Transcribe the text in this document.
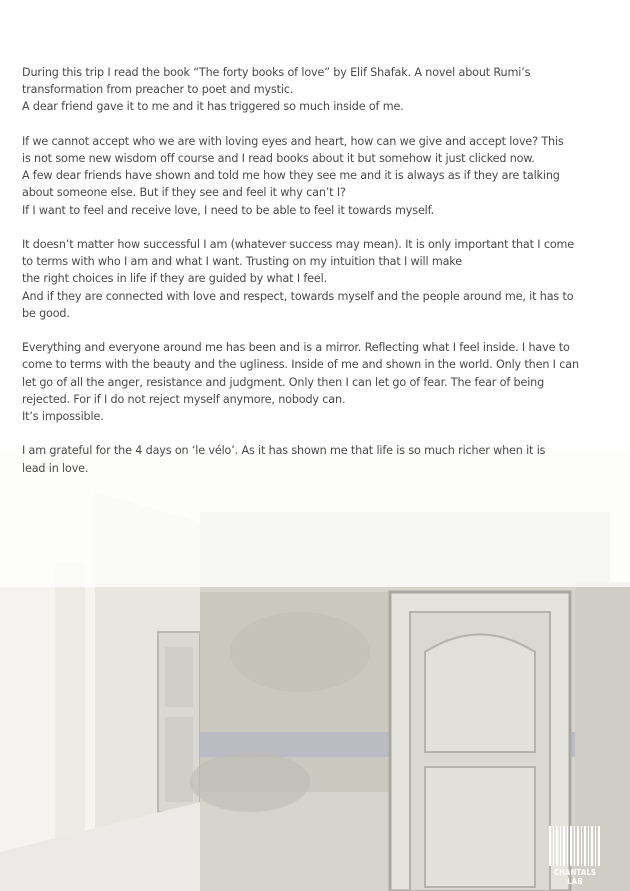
During this trip I read the book “The forty books of love” by Elif Shafak. A novel about Rumi’s
transformation from preacher to poet and mystic.
A dear friend gave it to me and it has triggered so much inside of me.

If we cannot accept who we are with loving eyes and heart, how can we give and accept love? This
is not some new wisdom off course and I read books about it but somehow it just clicked now.
A few dear friends have shown and told me how they see me and it is always as if they are talking
about someone else. But if they see and feel it why can’t I?
If I want to feel and receive love, I need to be able to feel it towards myself.

It doesn’t matter how successful I am (whatever success may mean). It is only important that I come
to terms with who I am and what I want. Trusting on my intuition that I will make
the right choices in life if they are guided by what I feel.
And if they are connected with love and respect, towards myself and the people around me, it has to
be good.

Everything and everyone around me has been and is a mirror. Reflecting what I feel inside. I have to
come to terms with the beauty and the ugliness. Inside of me and shown in the world. Only then I can
let go of all the anger, resistance and judgment. Only then I can let go of fear. The fear of being
rejected. For if I do not reject myself anymore, nobody can.
It’s impossible.

I am grateful for the 4 days on ‘le vélo’. As it has shown me that life is so much richer when it is
lead in love.

CHANTALS LAB
